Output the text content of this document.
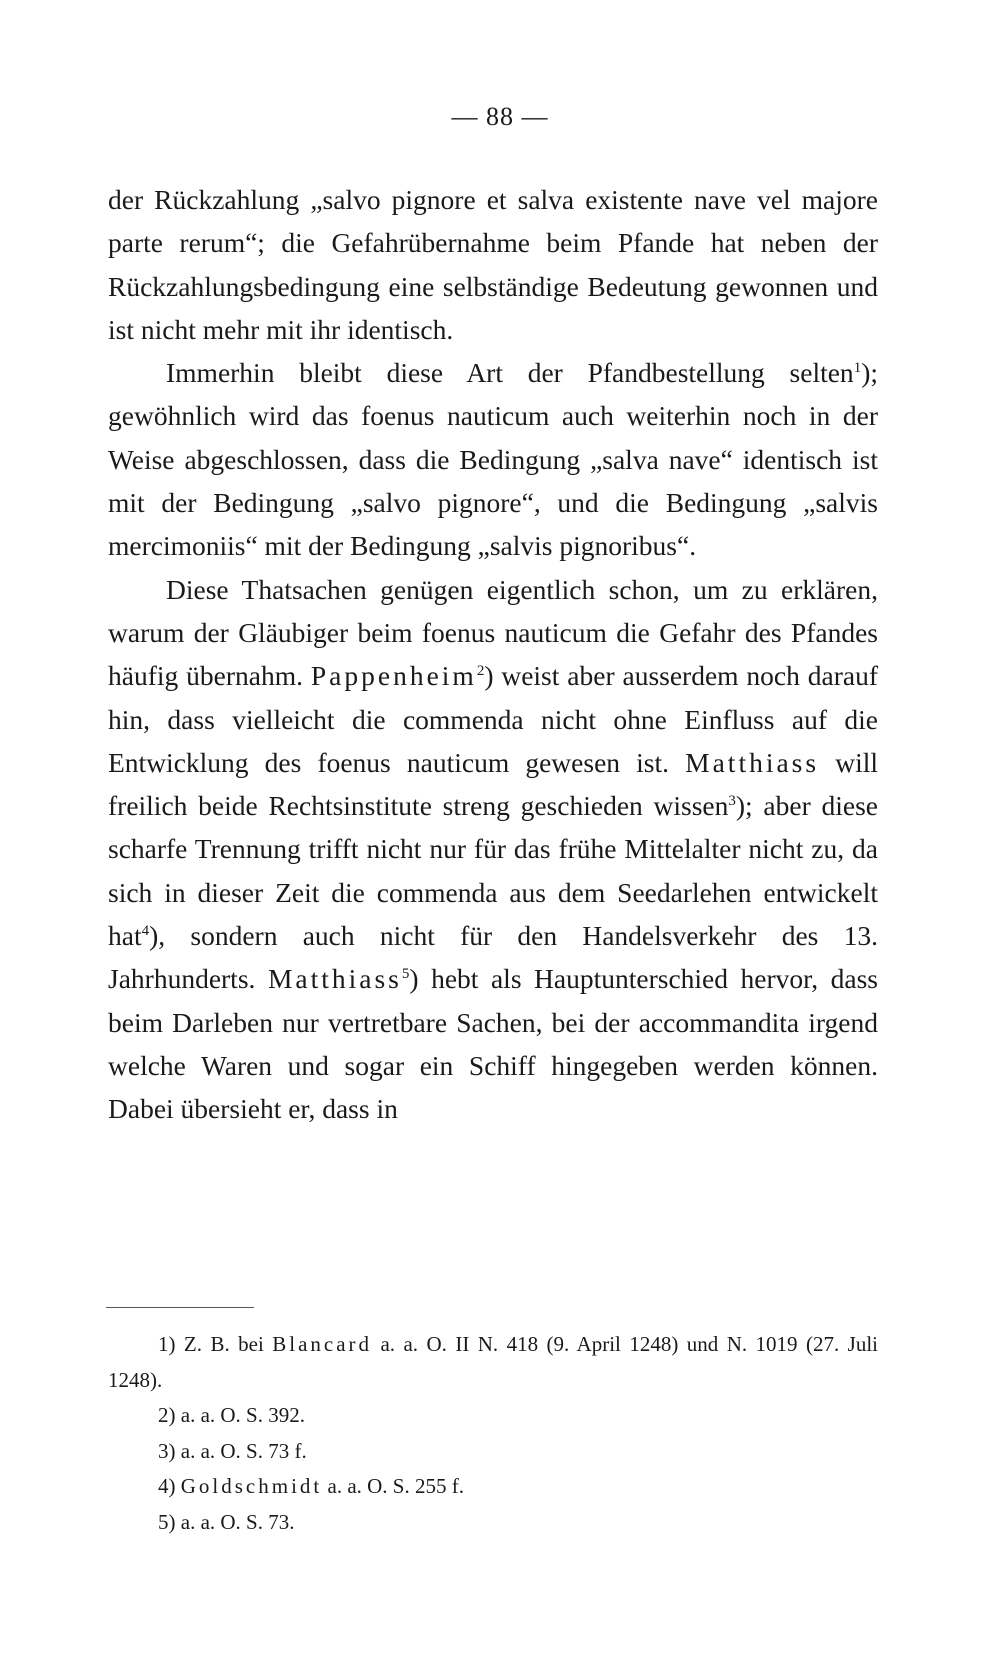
— 88 —

der Rückzahlung „salvo pignore et salva existente nave vel majore parte rerum“; die Gefahrübernahme beim Pfande hat neben der Rückzahlungsbedingung eine selbständige Bedeutung gewonnen und ist nicht mehr mit ihr identisch.

Immerhin bleibt diese Art der Pfandbestellung selten$^1$); gewöhnlich wird das foenus nauticum auch weiterhin noch in der Weise abgeschlossen, dass die Bedingung „salva nave“ identisch ist mit der Bedingung „salvo pignore“, und die Bedingung „salvis mercimoniis“ mit der Bedingung „salvis pignoribus“.

Diese Thatsachen genügen eigentlich schon, um zu erklären, warum der Gläubiger beim foenus nauticum die Gefahr des Pfandes häufig übernahm. Pappenheim$^2$) weist aber ausserdem noch darauf hin, dass vielleicht die commenda nicht ohne Einfluss auf die Entwicklung des foenus nauticum gewesen ist. Matthiass will freilich beide Rechtsinstitute streng geschieden wissen$^3$); aber diese scharfe Trennung trifft nicht nur für das frühe Mittelalter nicht zu, da sich in dieser Zeit die commenda aus dem Seedarlehen entwickelt hat$^4$), sondern auch nicht für den Handelsverkehr des 13. Jahrhunderts. Matthiass$^5$) hebt als Hauptunterschied hervor, dass beim Darleben nur vertretbare Sachen, bei der accommandita irgend welche Waren und sogar ein Schiff hingegeben werden können. Dabei übersieht er, dass in

1) Z. B. bei Blancard a. a. O. II N. 418 (9. April 1248) und N. 1019 (27. Juli 1248).

2) a. a. O. S. 392.

3) a. a. O. S. 73 f.

4) Goldschmidt a. a. O. S. 255 f.

5) a. a. O. S. 73.
